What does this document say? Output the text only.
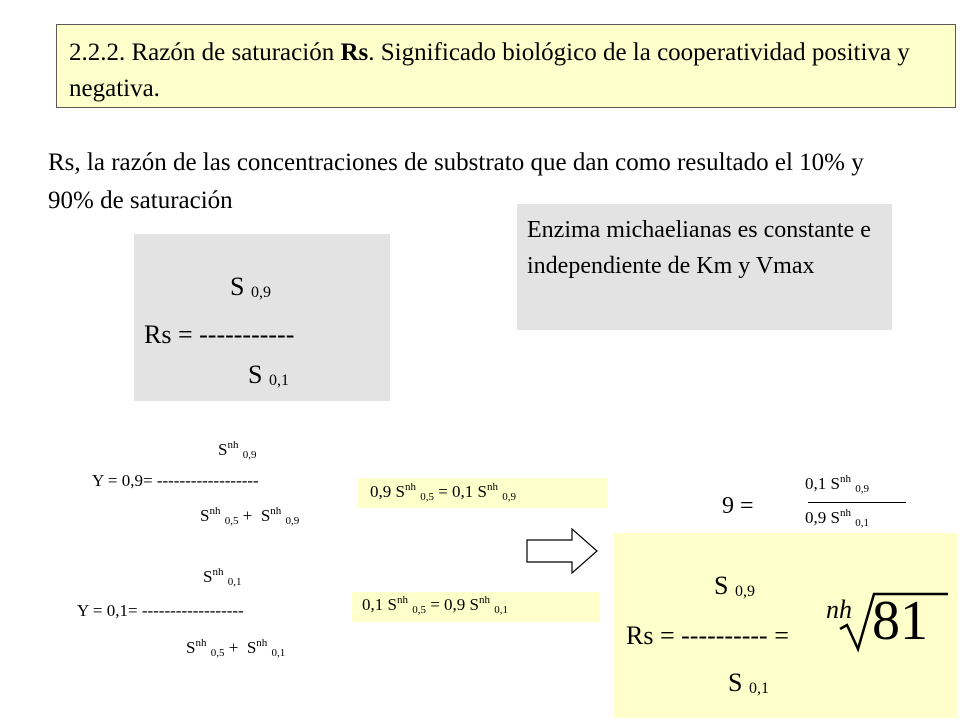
2.2.2. Razón de saturación Rs. Significado biológico de la cooperatividad positiva y negativa.
Rs, la razón de las concentraciones de substrato que dan como resultado el 10% y 90% de saturación
S 0,9
Rs = -----------
S 0,1
Enzima michaelianas es constante e independiente de Km y Vmax
$S^{nh}$ 0,9
Y = 0,9= ------------------
$S^{nh}$ $0,5 + S^{nh}$ 0,9
$S^{nh}$ 0,1
Y = 0,1= ------------------
$S^{nh}$ $0,5 + S^{nh}$ 0,1
0,9 $S^{nh}$ 0,5 = 0,1 $S^{nh}$ 0,9
0,1 $S^{nh}$ 0,5 = 0,9 $S^{nh}$ 0,1
9 =
0,1 $S^{nh}$ 0,9
0,9 $S^{nh}$ 0,1
S 0,9
Rs = ---------- =
S 0,1
nh 81
